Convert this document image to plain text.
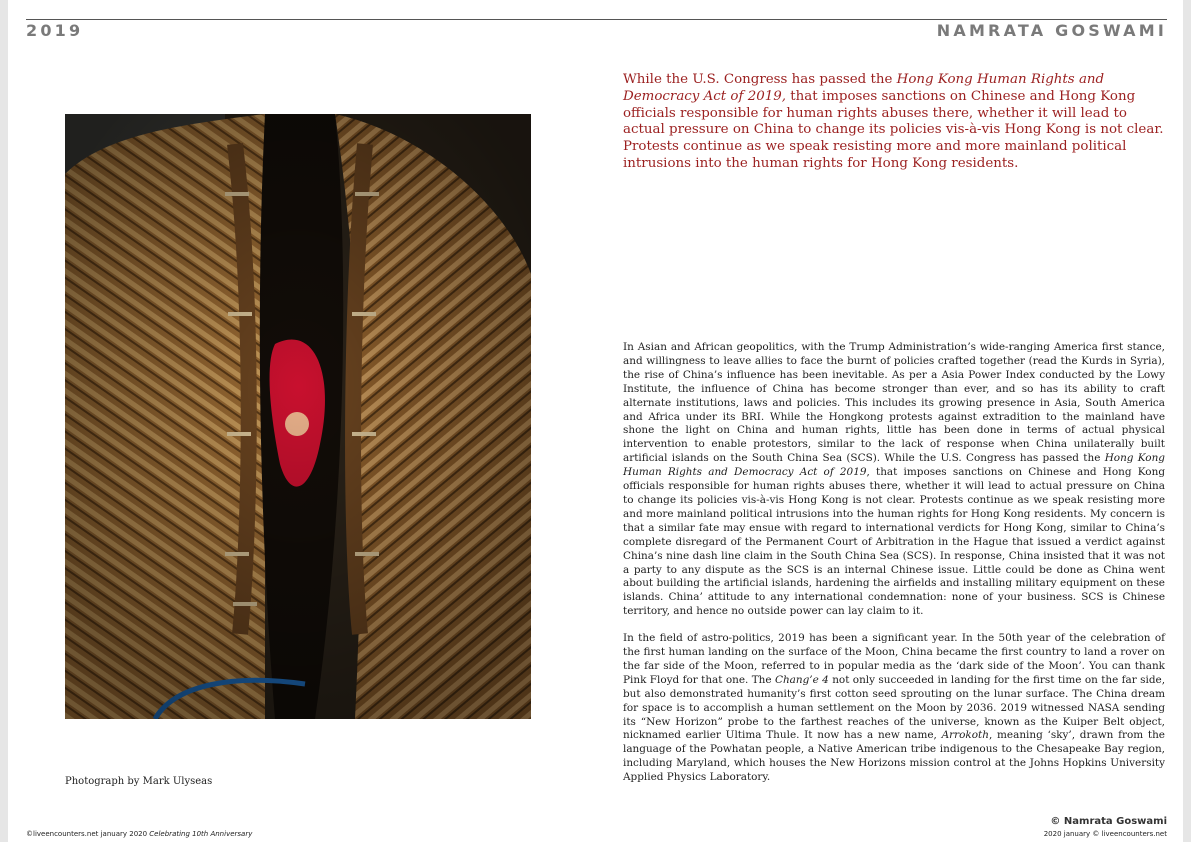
2019	NAMRATA GOSWAMI
Photograph by Mark Ulyseas

While the U.S. Congress has passed the Hong Kong Human Rights and Democracy Act of 2019, that imposes sanctions on Chinese and Hong Kong officials responsible for human rights abuses there, whether it will lead to actual pressure on China to change its policies vis-à-vis Hong Kong is not clear. Protests continue as we speak resisting more and more mainland political intrusions into the human rights for Hong Kong residents.

In Asian and African geopolitics, with the Trump Administration’s wide-ranging America first stance, and willingness to leave allies to face the burnt of policies crafted together (read the Kurds in Syria), the rise of China’s influence has been inevitable. As per a Asia Power Index conducted by the Lowy Institute, the influence of China has become stronger than ever, and so has its ability to craft alternate institutions, laws and policies. This includes its growing presence in Asia, South America and Africa under its BRI. While the Hongkong protests against extradition to the mainland have shone the light on China and human rights, little has been done in terms of actual physical intervention to enable protestors, similar to the lack of response when China unilaterally built artificial islands on the South China Sea (SCS). While the U.S. Congress has passed the Hong Kong Human Rights and Democracy Act of 2019, that imposes sanctions on Chinese and Hong Kong officials responsible for human rights abuses there, whether it will lead to actual pressure on China to change its policies vis-à-vis Hong Kong is not clear. Protests continue as we speak resisting more and more mainland political intrusions into the human rights for Hong Kong residents. My concern is that a similar fate may ensue with regard to international verdicts for Hong Kong, similar to China’s complete disregard of the Permanent Court of Arbitration in the Hague that issued a verdict against China’s nine dash line claim in the South China Sea (SCS). In response, China insisted that it was not a party to any dispute as the SCS is an internal Chinese issue. Little could be done as China went about building the artificial islands, hardening the airfields and installing military equipment on these islands. China’ attitude to any international condemnation: none of your business. SCS is Chinese territory, and hence no outside power can lay claim to it.

In the field of astro-politics, 2019 has been a significant year. In the 50th year of the celebration of the first human landing on the surface of the Moon, China became the first country to land a rover on the far side of the Moon, referred to in popular media as the ‘dark side of the Moon’. You can thank Pink Floyd for that one. The Chang’e 4 not only succeeded in landing for the first time on the far side, but also demonstrated humanity’s first cotton seed sprouting on the lunar surface. The China dream for space is to accomplish a human settlement on the Moon by 2036. 2019 witnessed NASA sending its “New Horizon” probe to the farthest reaches of the universe, known as the Kuiper Belt object, nicknamed earlier Ultima Thule. It now has a new name, Arrokoth, meaning ‘sky’, drawn from the language of the Powhatan people, a Native American tribe indigenous to the Chesapeake Bay region, including Maryland, which houses the New Horizons mission control at the Johns Hopkins University Applied Physics Laboratory.

© Namrata Goswami
©liveencounters.net january 2020 Celebrating 10th Anniversary	2020 january © liveencounters.net
